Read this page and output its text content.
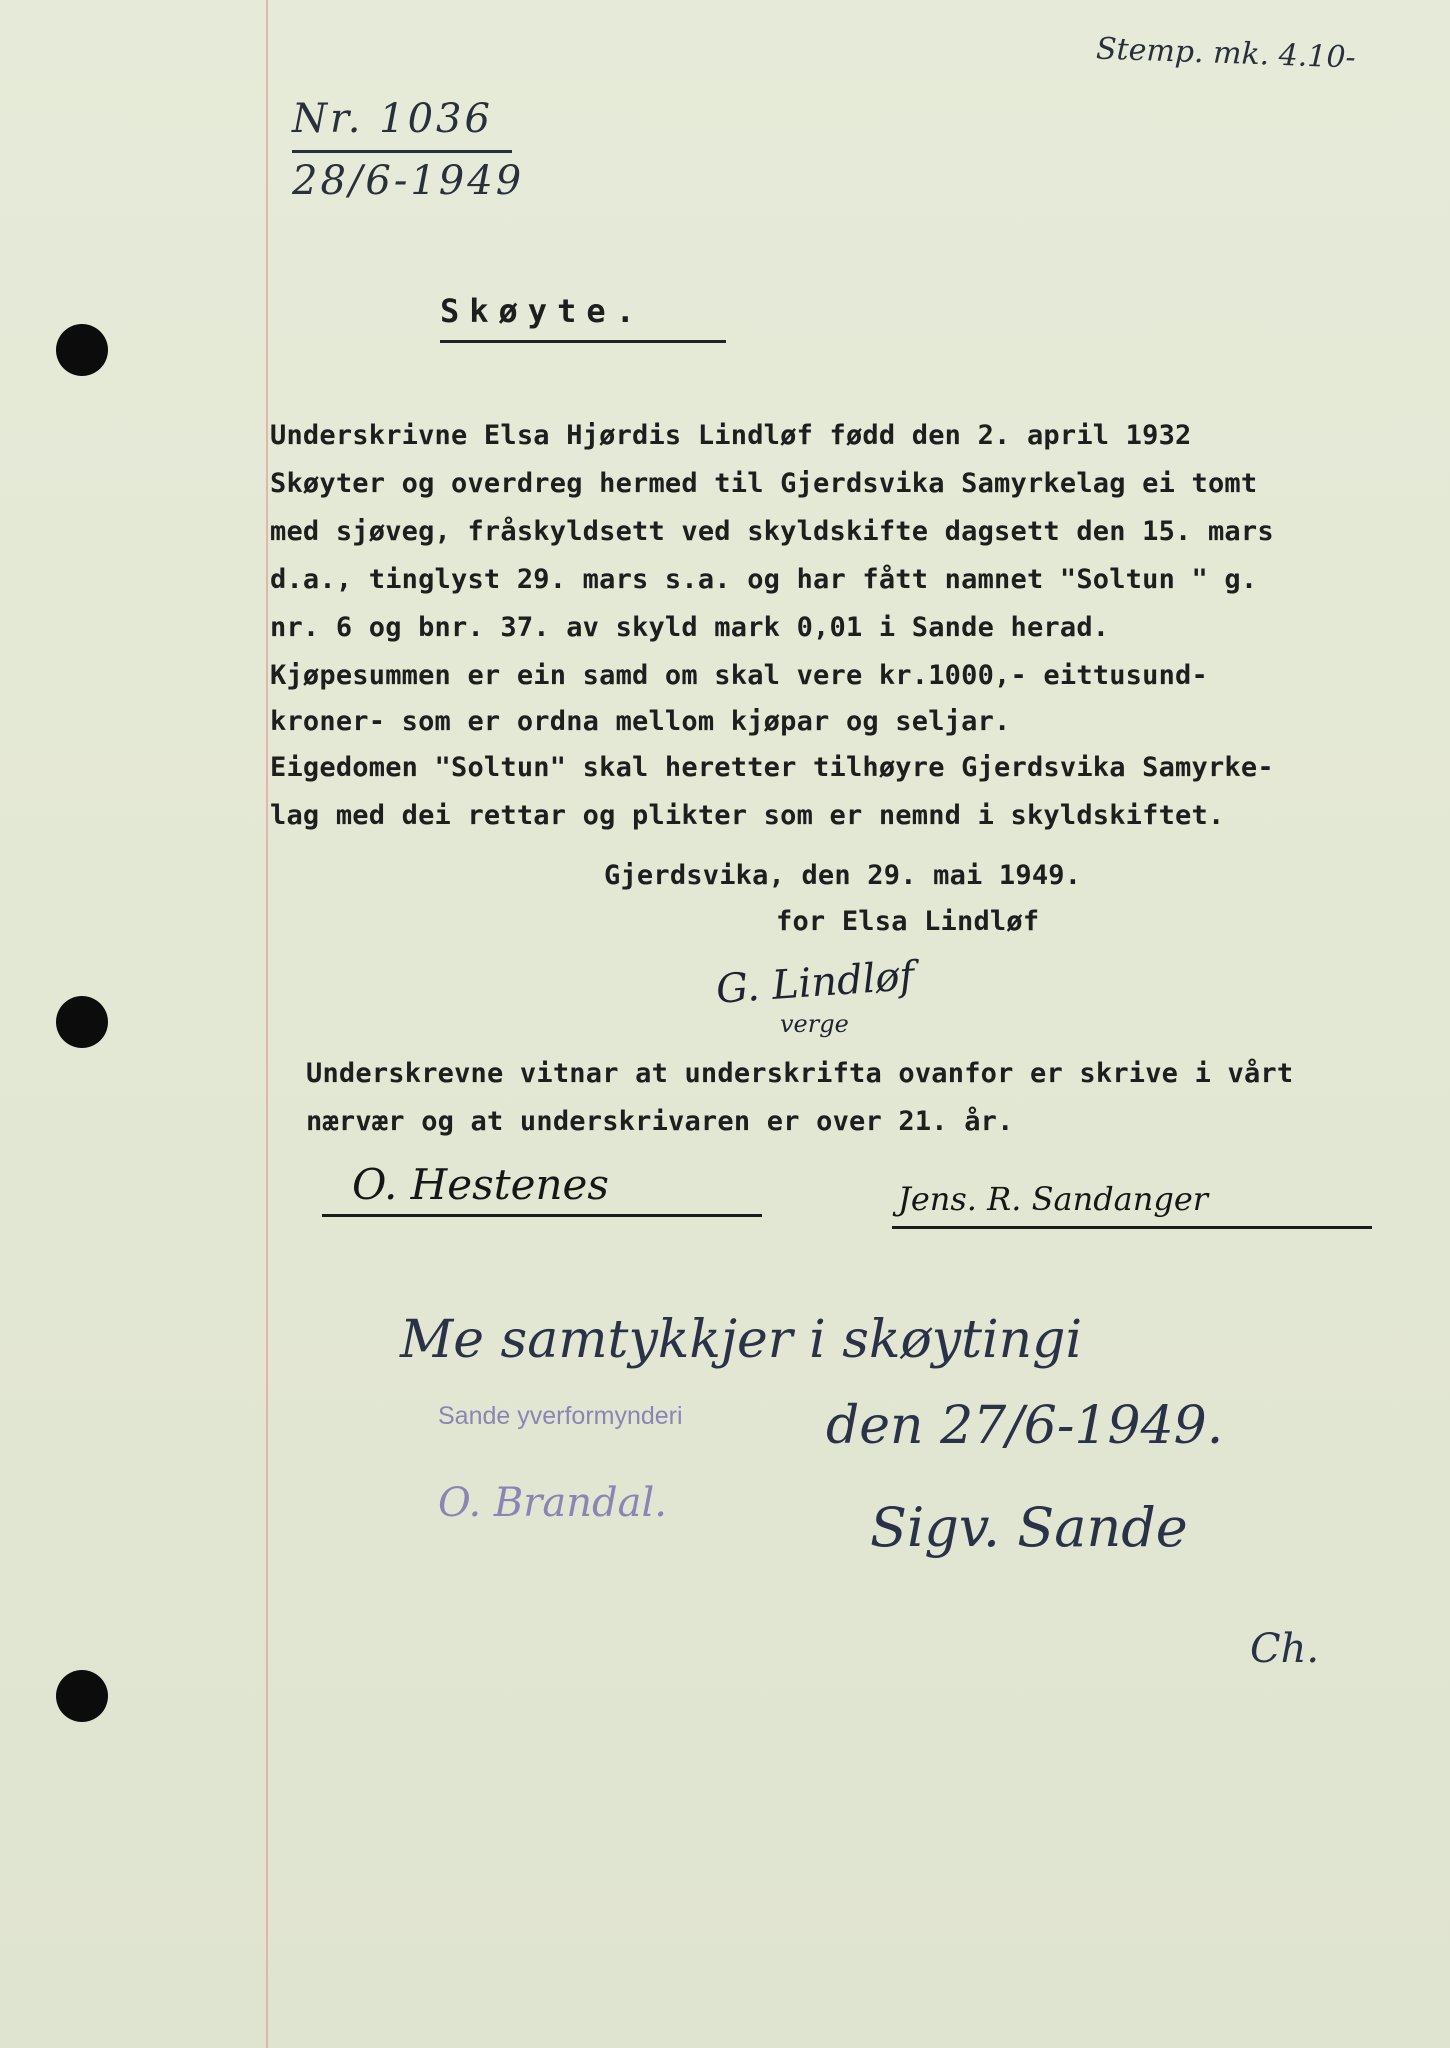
Stemp. mk. 4.10-
Nr. 1036
28/6-1949
Skøyte.
Underskrivne Elsa Hjørdis Lindløf fødd den 2. april 1932
Skøyter og overdreg hermed til Gjerdsvika Samyrkelag ei tomt
med sjøveg, fråskyldsett ved skyldskifte dagsett den 15. mars
d.a., tinglyst 29. mars s.a. og har fått namnet "Soltun " g.
nr. 6 og bnr. 37. av skyld mark 0,01 i Sande herad.
Kjøpesummen er ein samd om skal vere kr.1000,- eittusund-
kroner- som er ordna mellom kjøpar og seljar.
Eigedomen "Soltun" skal heretter tilhøyre Gjerdsvika Samyrke-
lag med dei rettar og plikter som er nemnd i skyldskiftet.
Gjerdsvika, den 29. mai 1949.
for Elsa Lindløf
G. Lindløf
verge
Underskrevne vitnar at underskrifta ovanfor er skrive i vårt
nærvær og at underskrivaren er over 21. år.
O. Hestenes	Jens. R. Sandanger
Me samtykkjer i skøytingi
den 27/6-1949.
Sande yverformynderi
O. Brandal.	Sigv. Sande
Ch.
